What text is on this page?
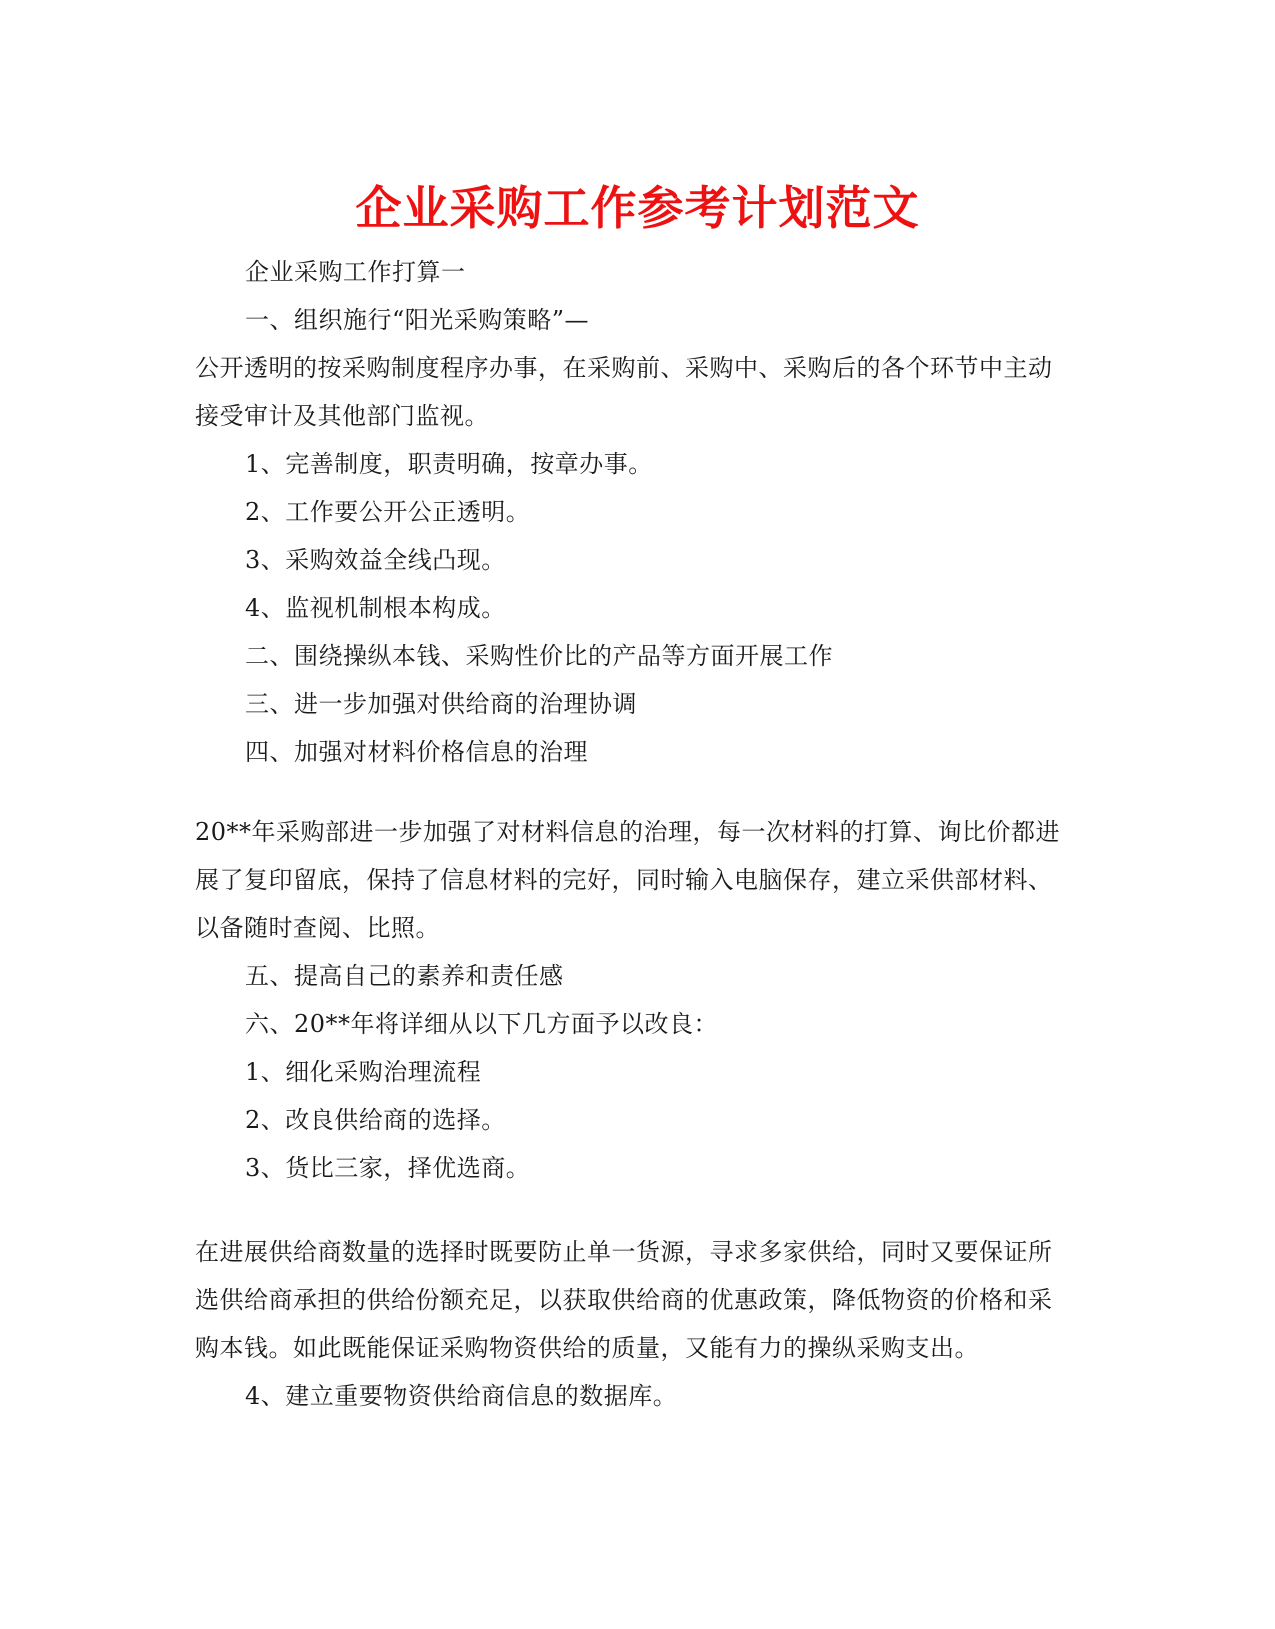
企业采购工作参考计划范文

企业采购工作打算一

一、组织施行“阳光采购策略”—

公开透明的按采购制度程序办事，在采购前、采购中、采购后的各个环节中主动

接受审计及其他部门监视。

1、完善制度，职责明确，按章办事。

2、工作要公开公正透明。

3、采购效益全线凸现。

4、监视机制根本构成。

二、围绕操纵本钱、采购性价比的产品等方面开展工作

三、进一步加强对供给商的治理协调

四、加强对材料价格信息的治理

20**年采购部进一步加强了对材料信息的治理，每一次材料的打算、询比价都进

展了复印留底，保持了信息材料的完好，同时输入电脑保存，建立采供部材料、

以备随时查阅、比照。

五、提高自己的素养和责任感

六、20**年将详细从以下几方面予以改良：

1、细化采购治理流程

2、改良供给商的选择。

3、货比三家，择优选商。

在进展供给商数量的选择时既要防止单一货源，寻求多家供给，同时又要保证所

选供给商承担的供给份额充足，以获取供给商的优惠政策，降低物资的价格和采

购本钱。如此既能保证采购物资供给的质量，又能有力的操纵采购支出。

4、建立重要物资供给商信息的数据库。
